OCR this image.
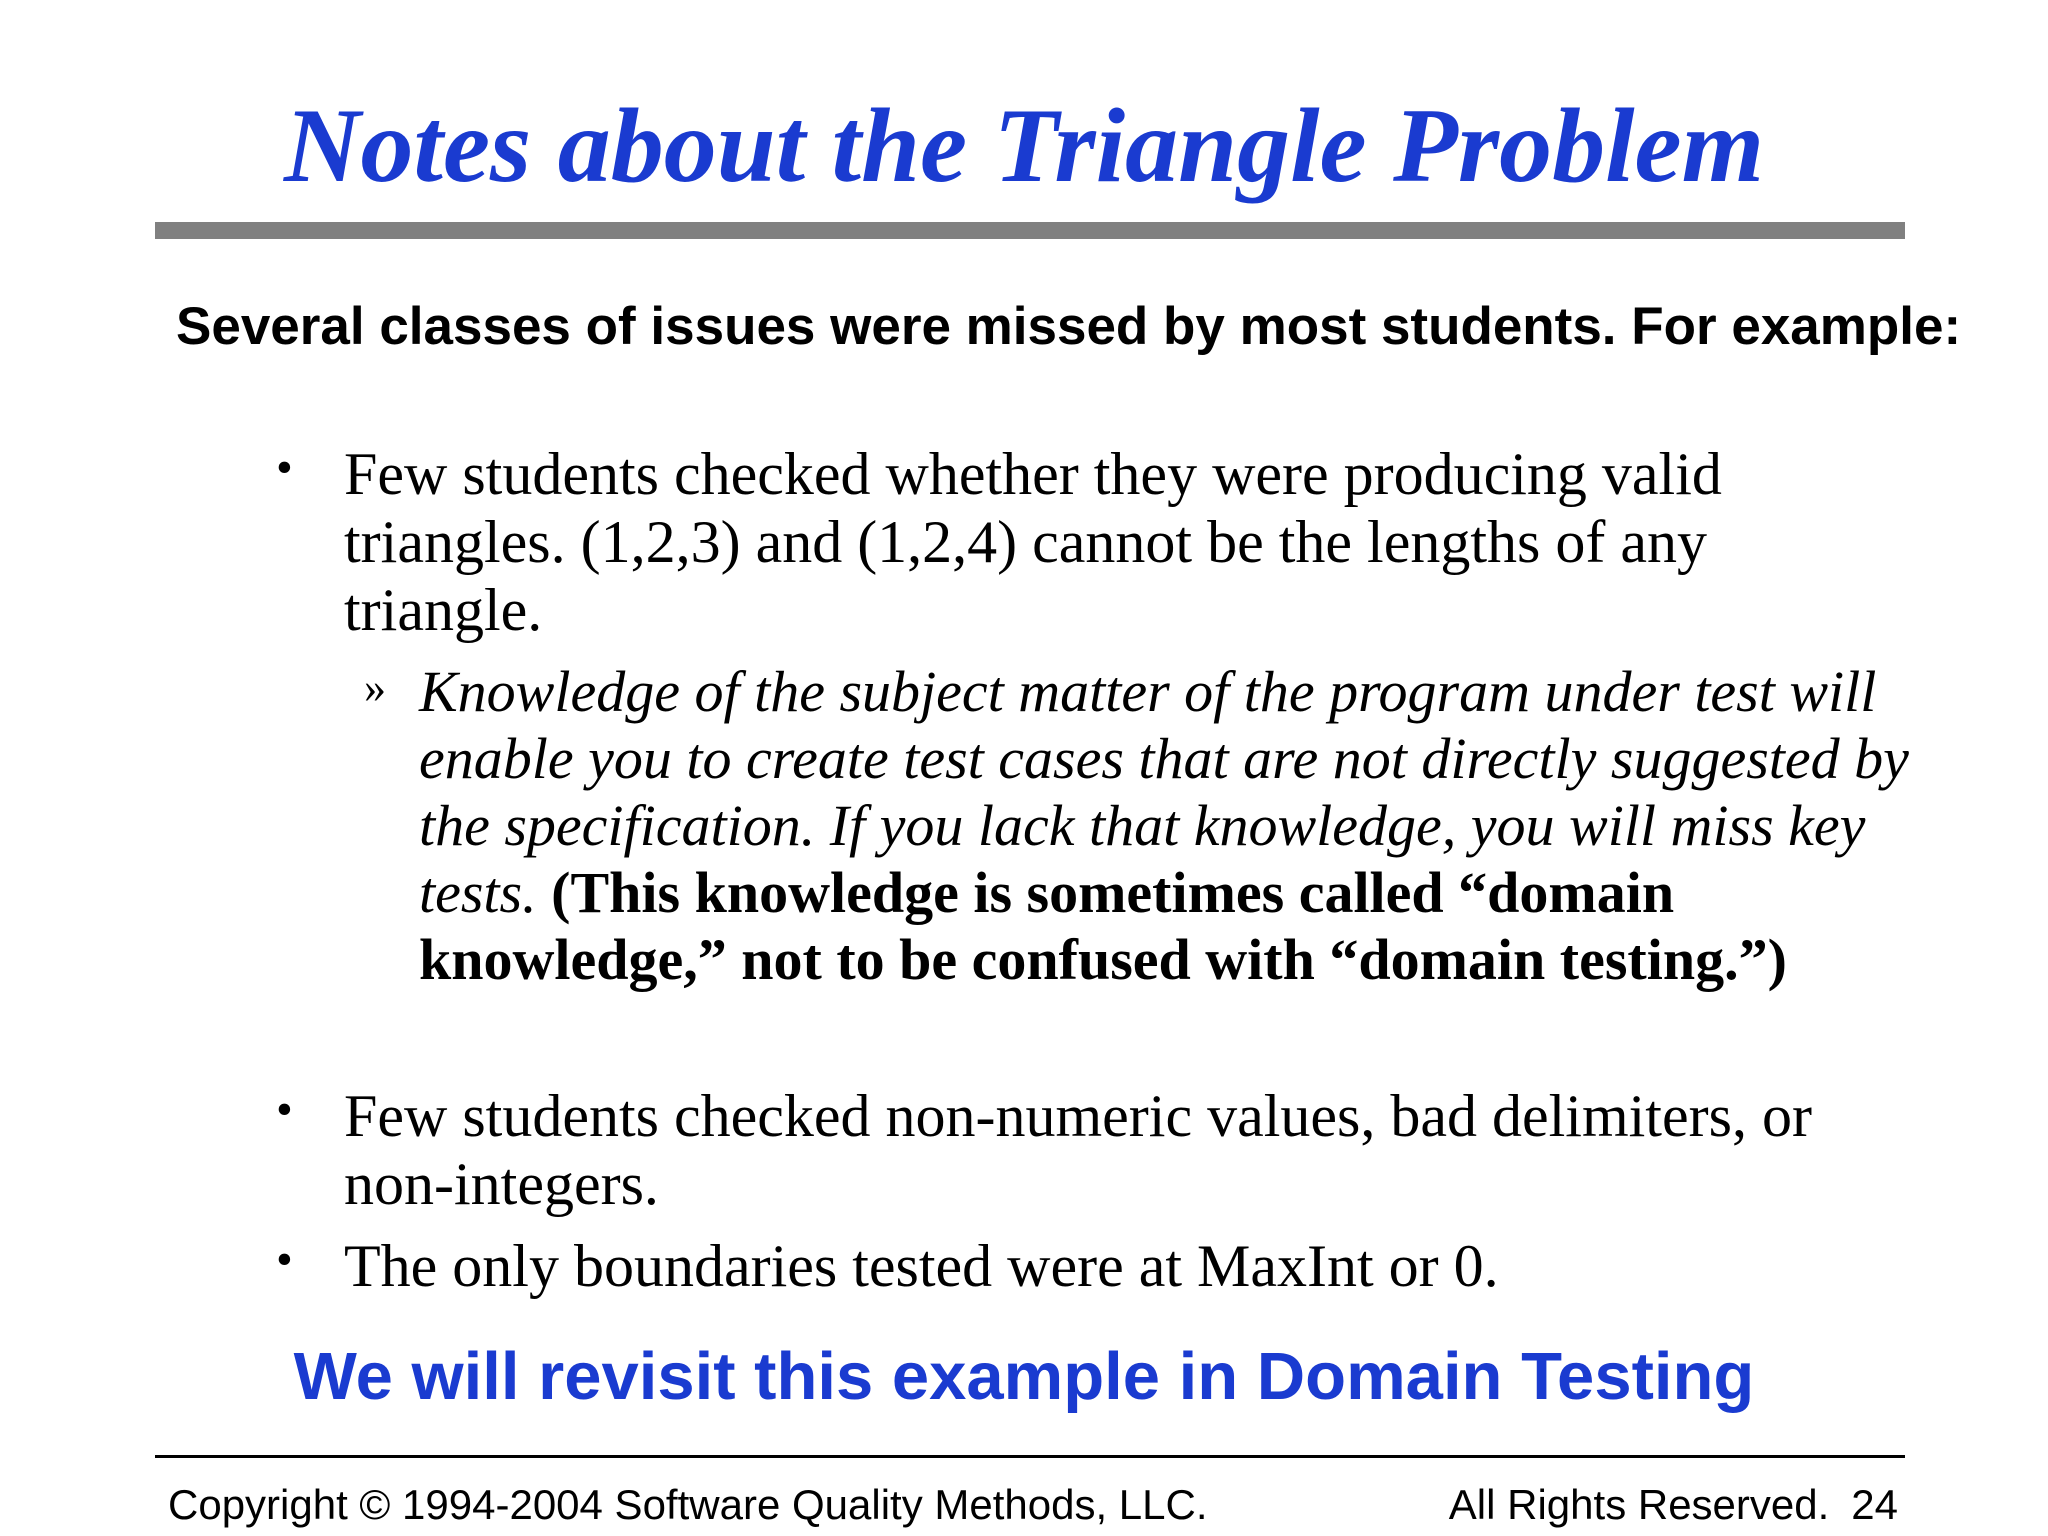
Notes about the Triangle Problem

Several classes of issues were missed by most students. For example:

• Few students checked whether they were producing valid triangles. (1,2,3) and (1,2,4) cannot be the lengths of any triangle.
» Knowledge of the subject matter of the program under test will enable you to create test cases that are not directly suggested by the specification. If you lack that knowledge, you will miss key tests. (This knowledge is sometimes called “domain knowledge,” not to be confused with “domain testing.”)
• Few students checked non-numeric values, bad delimiters, or non-integers.
• The only boundaries tested were at MaxInt or 0.

We will revisit this example in Domain Testing

Copyright © 1994-2004 Software Quality Methods, LLC.	All Rights Reserved. 24
